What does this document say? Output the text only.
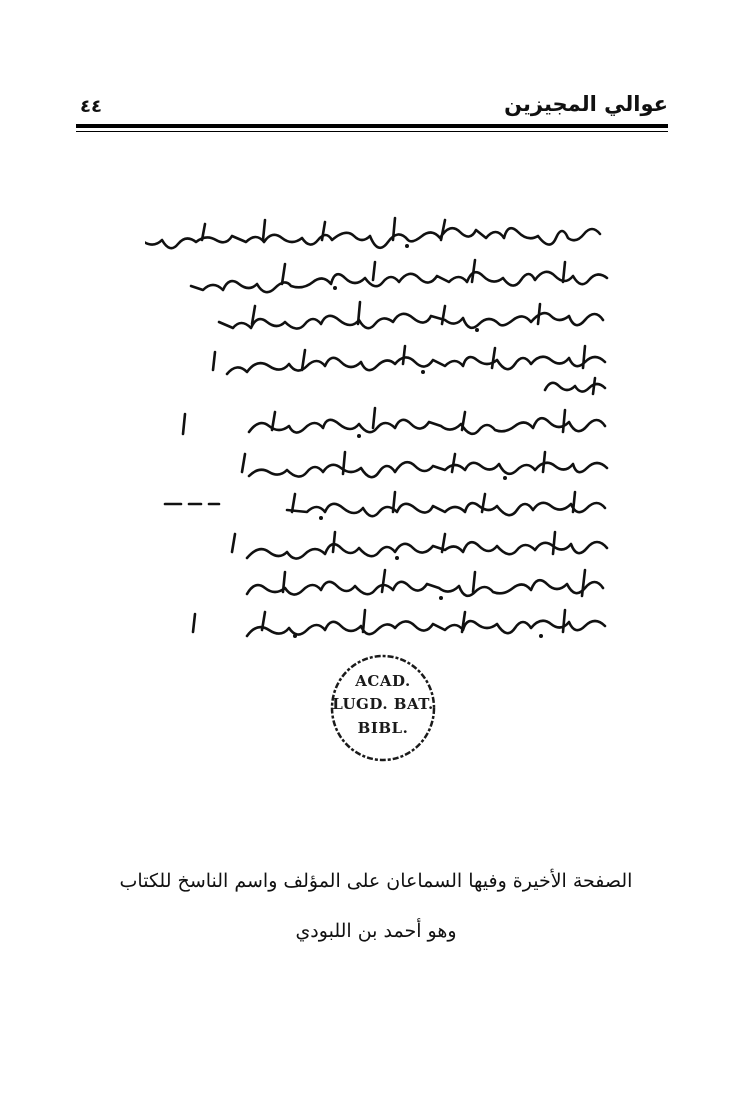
عوالي المجيزين
٤٤
ACAD.
LUGD. BAT.
BIBL.
الصفحة الأخيرة وفيها السماعان على المؤلف واسم الناسخ للكتاب
وهو أحمد بن اللبودي
